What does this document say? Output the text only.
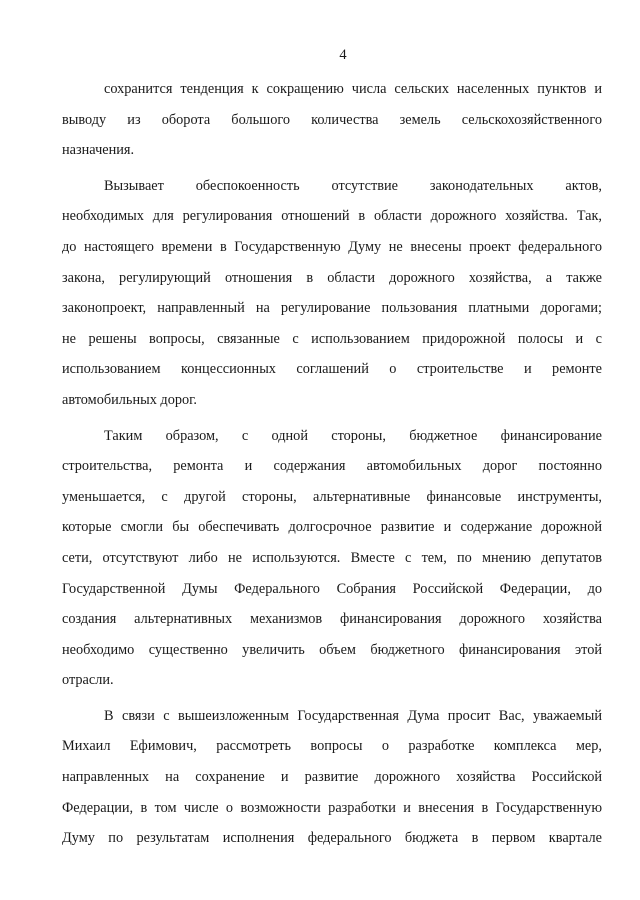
4
сохранится тенденция к сокращению числа сельских населенных пунктов и
выводу из оборота большого количества земель сельскохозяйственного
назначения.
Вызывает обеспокоенность отсутствие законодательных актов,
необходимых для регулирования отношений в области дорожного хозяйства. Так,
до настоящего времени в Государственную Думу не внесены проект федерального
закона, регулирующий отношения в области дорожного хозяйства, а также
законопроект, направленный на регулирование пользования платными дорогами;
не решены вопросы, связанные с использованием придорожной полосы и с
использованием концессионных соглашений о строительстве и ремонте
автомобильных дорог.
Таким образом, с одной стороны, бюджетное финансирование
строительства, ремонта и содержания автомобильных дорог постоянно
уменьшается, с другой стороны, альтернативные финансовые инструменты,
которые смогли бы обеспечивать долгосрочное развитие и содержание дорожной
сети, отсутствуют либо не используются. Вместе с тем, по мнению депутатов
Государственной Думы Федерального Собрания Российской Федерации, до
создания альтернативных механизмов финансирования дорожного хозяйства
необходимо существенно увеличить объем бюджетного финансирования этой
отрасли.
В связи с вышеизложенным Государственная Дума просит Вас, уважаемый
Михаил Ефимович, рассмотреть вопросы о разработке комплекса мер,
направленных на сохранение и развитие дорожного хозяйства Российской
Федерации, в том числе о возможности разработки и внесения в Государственную
Думу по результатам исполнения федерального бюджета в первом квартале
